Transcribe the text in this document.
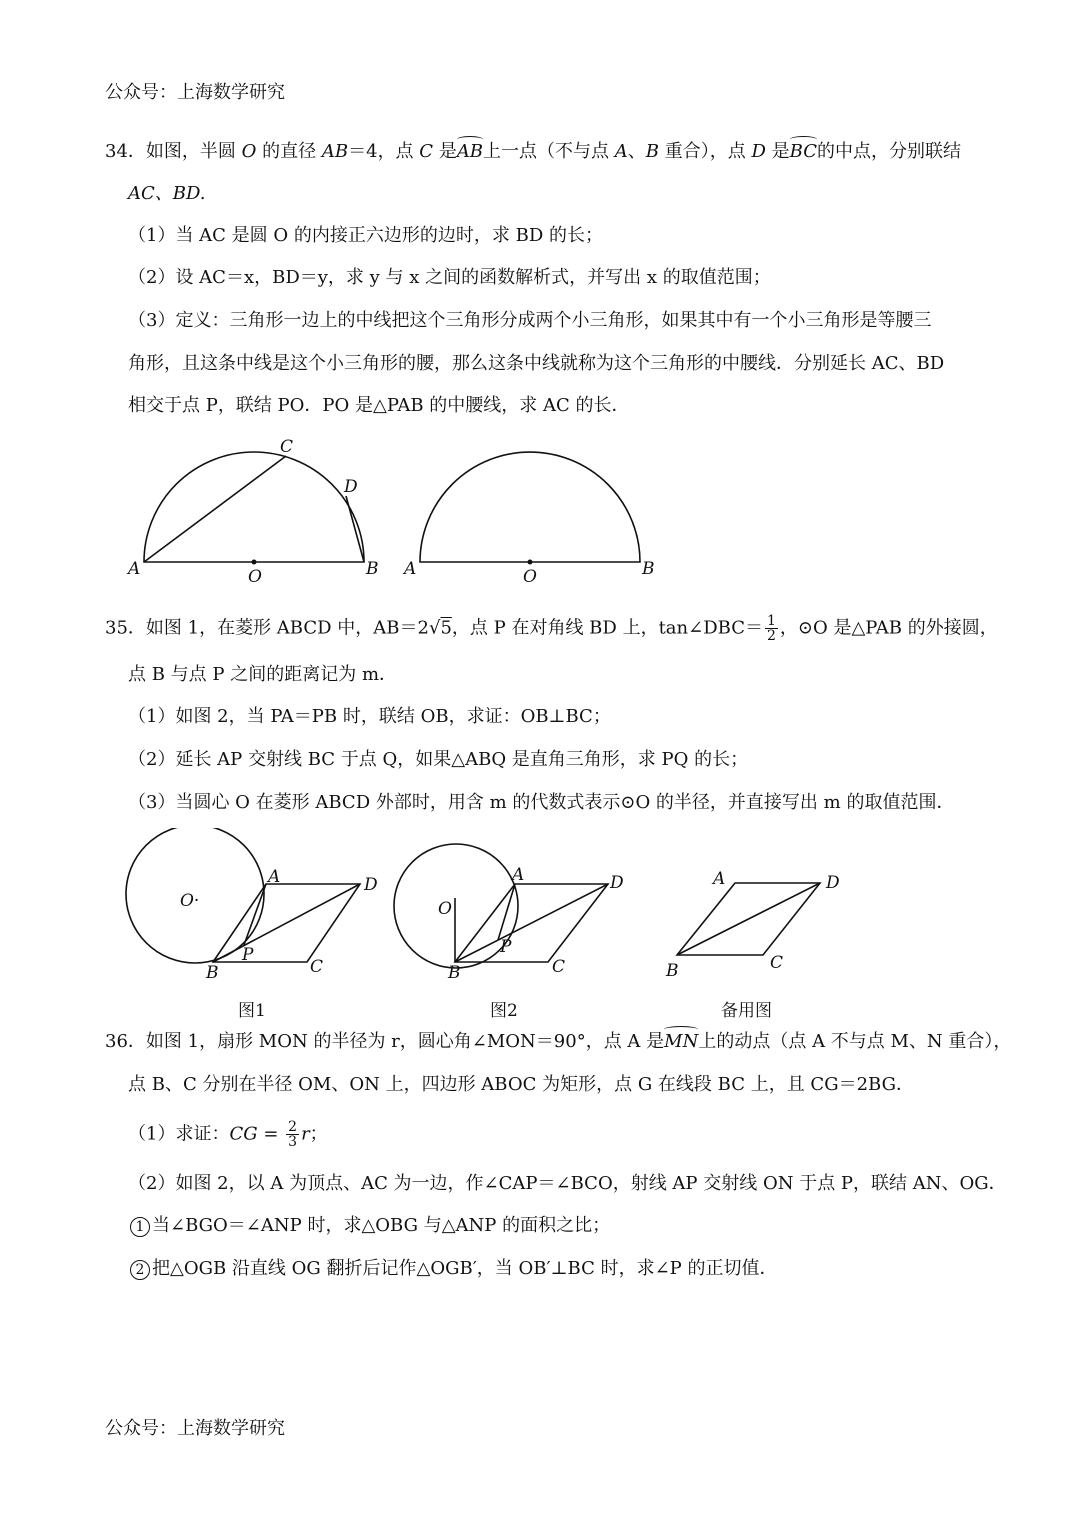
公众号：上海数学研究
公众号：上海数学研究
34．如图，半圆 O 的直径 AB＝4，点 C 是AB上一点（不与点 A、B 重合），点 D 是BC的中点，分别联结
AC、BD.
（1）当 AC 是圆 O 的内接正六边形的边时，求 BD 的长；
（2）设 AC＝x，BD＝y，求 y 与 x 之间的函数解析式，并写出 x 的取值范围；
（3）定义：三角形一边上的中线把这个三角形分成两个小三角形，如果其中有一个小三角形是等腰三
角形，且这条中线是这个小三角形的腰，那么这条中线就称为这个三角形的中腰线．分别延长 AC、BD
相交于点 P，联结 PO．PO 是△PAB 的中腰线，求 AC 的长．
A	O	B
C
D
A	O	B
35．如图 1，在菱形 ABCD 中，AB＝2√5，点 P 在对角线 BD 上，tan∠DBC＝ $\frac{1}{2}$ ，⊙O 是△PAB 的外接圆，
点 B 与点 P 之间的距离记为 m．
（1）如图 2，当 PA＝PB 时，联结 OB，求证：OB⊥BC；
（2）延长 AP 交射线 BC 于点 Q，如果△ABQ 是直角三角形，求 PQ 的长；
（3）当圆心 O 在菱形 ABCD 外部时，用含 m 的代数式表示⊙O 的半径，并直接写出 m 的取值范围．
O·
A	D
B
P
C
O
A	D
B
P
C
A	D
B	C
图1	图2	备用图
36．如图 1，扇形 MON 的半径为 r，圆心角∠MON＝90°，点 A 是MN上的动点（点 A 不与点 M、N 重合），
点 B、C 分别在半径 OM、ON 上，四边形 ABOC 为矩形，点 G 在线段 BC 上，且 CG＝2BG．
（1）求证：CG = $\frac{2}{3}$ r；
（2）如图 2，以 A 为顶点、AC 为一边，作∠CAP＝∠BCO，射线 AP 交射线 ON 于点 P，联结 AN、OG．
1 当∠BGO＝∠ANP 时，求△OBG 与△ANP 的面积之比；
2 把△OGB 沿直线 OG 翻折后记作△OGB′，当 OB′⊥BC 时，求∠P 的正切值．
